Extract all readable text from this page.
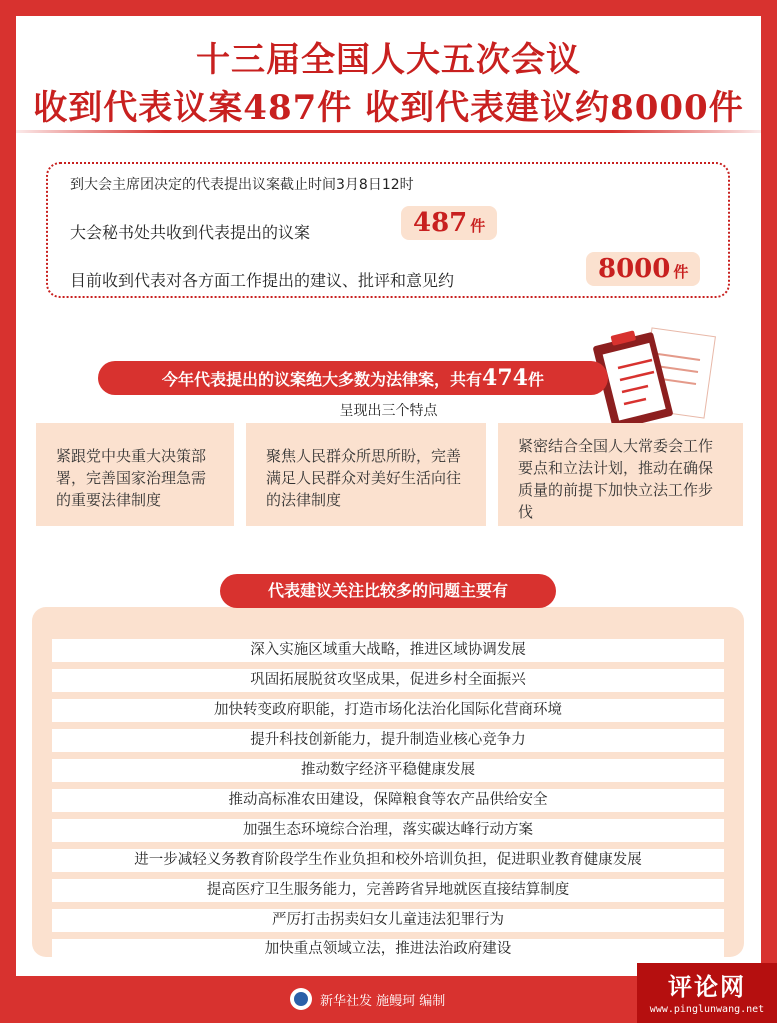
十三届全国人大五次会议
收到代表议案487件 收到代表建议约8000件
到大会主席团决定的代表提出议案截止时间3月8日12时
大会秘书处共收到代表提出的议案	487 件
目前收到代表对各方面工作提出的建议、批评和意见约	8000 件
今年代表提出的议案绝大多数为法律案，共有474件
呈现出三个特点
紧跟党中央重大决策部署，完善国家治理急需的重要法律制度
聚焦人民群众所思所盼，完善满足人民群众对美好生活向往的法律制度
紧密结合全国人大常委会工作要点和立法计划，推动在确保质量的前提下加快立法工作步伐
深入实施区域重大战略，推进区域协调发展
巩固拓展脱贫攻坚成果，促进乡村全面振兴
加快转变政府职能，打造市场化法治化国际化营商环境
提升科技创新能力，提升制造业核心竞争力
推动数字经济平稳健康发展
推动高标准农田建设，保障粮食等农产品供给安全
加强生态环境综合治理，落实碳达峰行动方案
进一步减轻义务教育阶段学生作业负担和校外培训负担，促进职业教育健康发展
提高医疗卫生服务能力，完善跨省异地就医直接结算制度
严厉打击拐卖妇女儿童违法犯罪行为
加快重点领域立法，推进法治政府建设
代表建议关注比较多的问题主要有
新华社发 施鳗珂 编制	评论网
www.pinglunwang.net
